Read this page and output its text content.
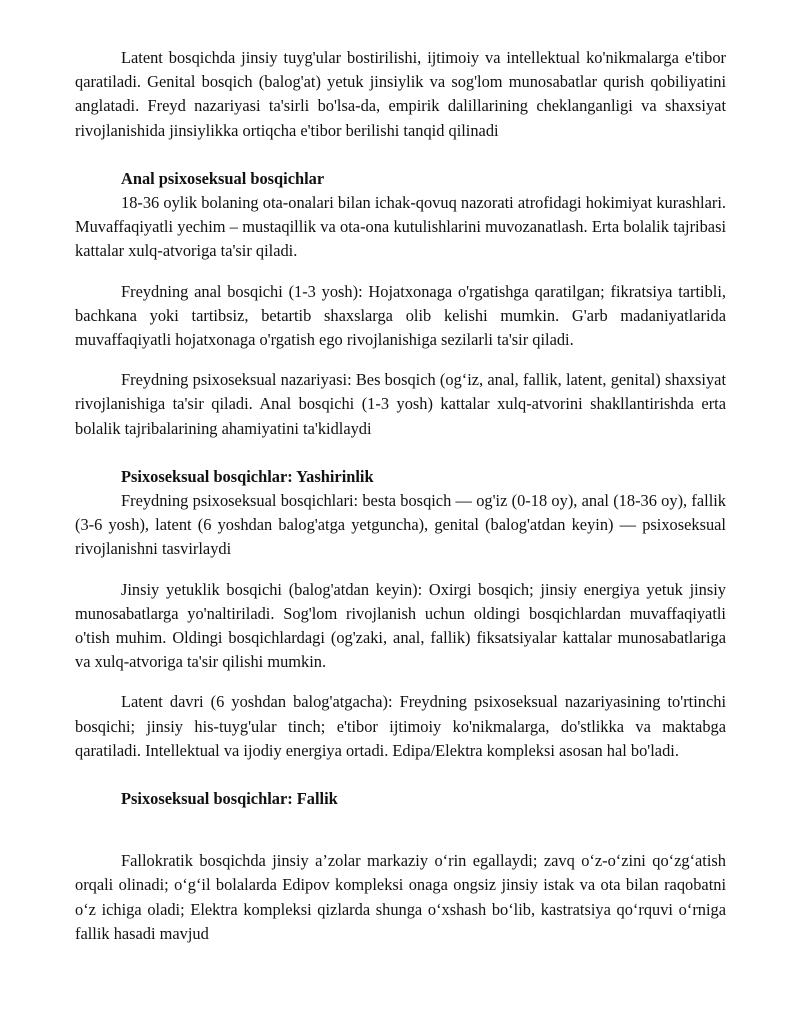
Latent bosqichda jinsiy tuyg'ular bostirilishi, ijtimoiy va intellektual ko'nikmalarga e'tibor qaratiladi. Genital bosqich (balog'at) yetuk jinsiylik va sog'lom munosabatlar qurish qobiliyatini anglatadi. Freyd nazariyasi ta'sirli bo'lsa-da, empirik dalillarining cheklanganligi va shaxsiyat rivojlanishida jinsiylikka ortiqcha e'tibor berilishi tanqid qilinadi

Anal psixoseksual bosqichlar

18-36 oylik bolaning ota-onalari bilan ichak-qovuq nazorati atrofidagi hokimiyat kurashlari. Muvaffaqiyatli yechim – mustaqillik va ota-ona kutulishlarini muvozanatlash. Erta bolalik tajribasi kattalar xulq-atvoriga ta'sir qiladi.

Freydning anal bosqichi (1-3 yosh): Hojatxonaga o'rgatishga qaratilgan; fikratsiya tartibli, bachkana yoki tartibsiz, betartib shaxslarga olib kelishi mumkin. G'arb madaniyatlarida muvaffaqiyatli hojatxonaga o'rgatish ego rivojlanishiga sezilarli ta'sir qiladi.

Freydning psixoseksual nazariyasi: Bes bosqich (og‘iz, anal, fallik, latent, genital) shaxsiyat rivojlanishiga ta'sir qiladi. Anal bosqichi (1-3 yosh) kattalar xulq-atvorini shakllantirishda erta bolalik tajribalarining ahamiyatini ta'kidlaydi

Psixoseksual bosqichlar: Yashirinlik

Freydning psixoseksual bosqichlari: besta bosqich — og'iz (0-18 oy), anal (18-36 oy), fallik (3-6 yosh), latent (6 yoshdan balog'atga yetguncha), genital (balog'atdan keyin) — psixoseksual rivojlanishni tasvirlaydi

Jinsiy yetuklik bosqichi (balog'atdan keyin): Oxirgi bosqich; jinsiy energiya yetuk jinsiy munosabatlarga yo'naltiriladi. Sog'lom rivojlanish uchun oldingi bosqichlardan muvaffaqiyatli o'tish muhim. Oldingi bosqichlardagi (og'zaki, anal, fallik) fiksatsiyalar kattalar munosabatlariga va xulq-atvoriga ta'sir qilishi mumkin.

Latent davri (6 yoshdan balog'atgacha): Freydning psixoseksual nazariyasining to'rtinchi bosqichi; jinsiy his-tuyg'ular tinch; e'tibor ijtimoiy ko'nikmalarga, do'stlikka va maktabga qaratiladi. Intellektual va ijodiy energiya ortadi. Edipa/Elektra kompleksi asosan hal bo'ladi.

Psixoseksual bosqichlar: Fallik

Fallokratik bosqichda jinsiy a’zolar markaziy o‘rin egallaydi; zavq o‘z-o‘zini qo‘zg‘atish orqali olinadi; o‘g‘il bolalarda Edipov kompleksi onaga ongsiz jinsiy istak va ota bilan raqobatni o‘z ichiga oladi; Elektra kompleksi qizlarda shunga o‘xshash bo‘lib, kastratsiya qo‘rquvi o‘rniga fallik hasadi mavjud
